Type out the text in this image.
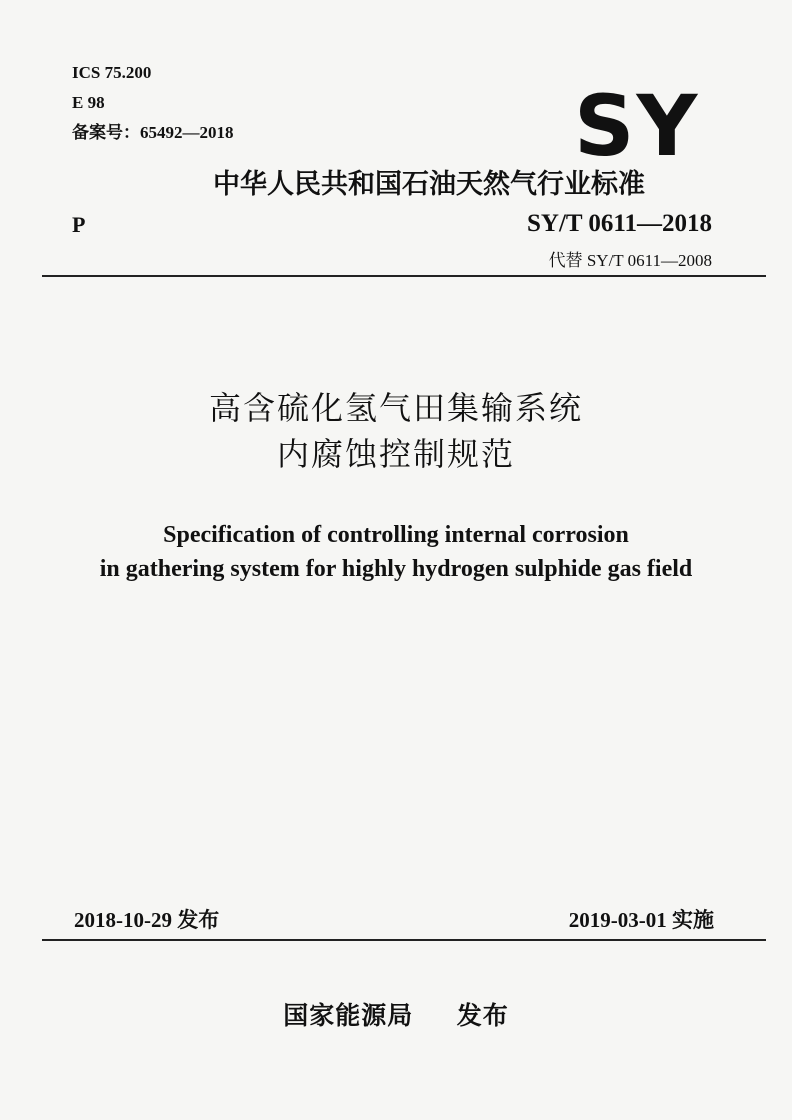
ICS 75.200
E 98
备案号：65492—2018	SY
中华人民共和国石油天然气行业标准
P	SY/T 0611—2018
代替 SY/T 0611—2008
高含硫化氢气田集输系统
内腐蚀控制规范
Specification of controlling internal corrosion
in gathering system for highly hydrogen sulphide gas field
2018-10-29 发布	2019-03-01 实施
国家能源局  发布
